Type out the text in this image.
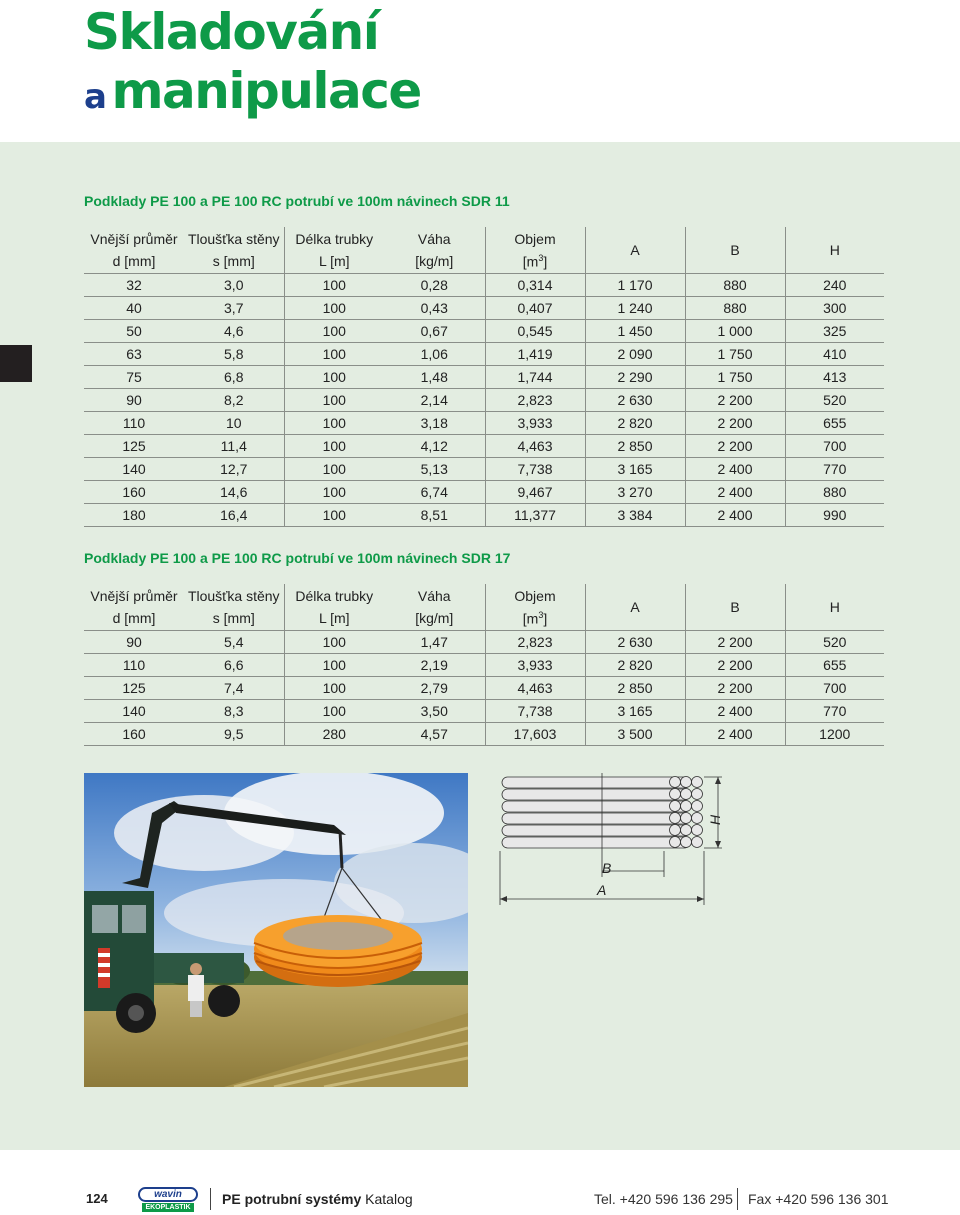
Skladování
a manipulace
Podklady PE 100 a PE 100 RC potrubí ve 100m návinech SDR 11
Vnější průměr	Tloušťka stěny	Délka trubky	Váha	Objem	A	B	H
d [mm]	s [mm]	L [m]	[kg/m]	$[m^3]$			
32	3,0	100	0,28	0,314	1 170	880	240
40	3,7	100	0,43	0,407	1 240	880	300
50	4,6	100	0,67	0,545	1 450	1 000	325
63	5,8	100	1,06	1,419	2 090	1 750	410
75	6,8	100	1,48	1,744	2 290	1 750	413
90	8,2	100	2,14	2,823	2 630	2 200	520
110	10	100	3,18	3,933	2 820	2 200	655
125	11,4	100	4,12	4,463	2 850	2 200	700
140	12,7	100	5,13	7,738	3 165	2 400	770
160	14,6	100	6,74	9,467	3 270	2 400	880
180	16,4	100	8,51	11,377	3 384	2 400	990
Podklady PE 100 a PE 100 RC potrubí ve 100m návinech SDR 17
Vnější průměr	Tloušťka stěny	Délka trubky	Váha	Objem	A	B	H
d [mm]	s [mm]	L [m]	[kg/m]	$[m^3]$			
90	5,4	100	1,47	2,823	2 630	2 200	520
110	6,6	100	2,19	3,933	2 820	2 200	655
125	7,4	100	2,79	4,463	2 850	2 200	700
140	8,3	100	3,50	7,738	3 165	2 400	770
160	9,5	280	4,57	17,603	3 500	2 400	1200
B
A
H
124	wavin
EKOPLASTIK
PE potrubní systémy Katalog	Tel. +420 596 136 295 Fax +420 596 136 301
